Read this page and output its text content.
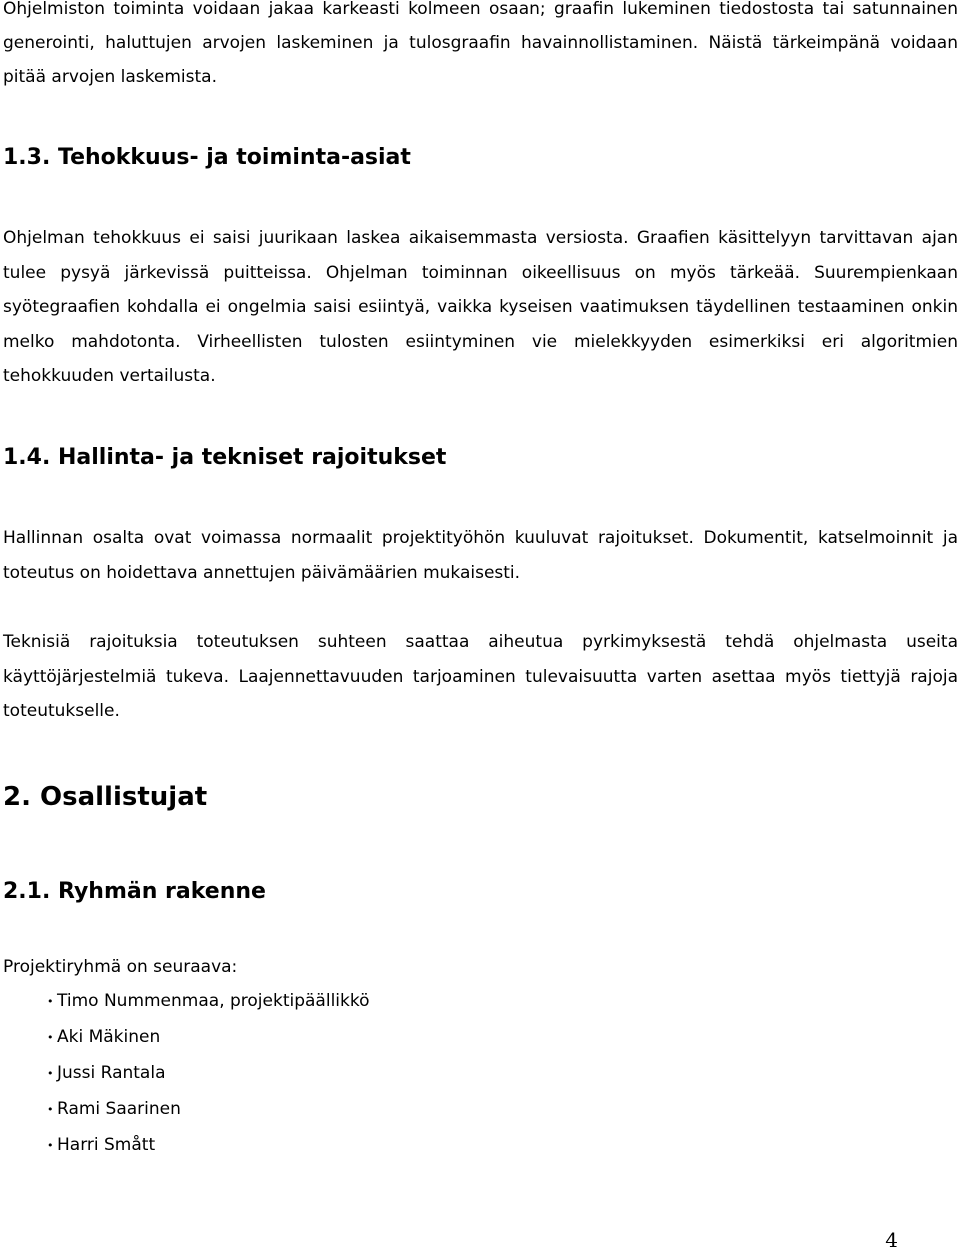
Ohjelmiston toiminta voidaan jakaa karkeasti kolmeen osaan; graafin lukeminen tiedostosta tai satunnainen generointi, haluttujen arvojen laskeminen ja tulosgraafin havainnollistaminen. Näistä tärkeimpänä voidaan pitää arvojen laskemista.

1.3. Tehokkuus- ja toiminta-asiat

Ohjelman tehokkuus ei saisi juurikaan laskea aikaisemmasta versiosta. Graafien käsittelyyn tarvittavan ajan tulee pysyä järkevissä puitteissa. Ohjelman toiminnan oikeellisuus on myös tärkeää. Suurempienkaan syötegraafien kohdalla ei ongelmia saisi esiintyä, vaikka kyseisen vaatimuksen täydellinen testaaminen onkin melko mahdotonta. Virheellisten tulosten esiintyminen vie mielekkyyden esimerkiksi eri algoritmien tehokkuuden vertailusta.

1.4. Hallinta- ja tekniset rajoitukset

Hallinnan osalta ovat voimassa normaalit projektityöhön kuuluvat rajoitukset. Dokumentit, katselmoinnit ja toteutus on hoidettava annettujen päivämäärien mukaisesti.

Teknisiä rajoituksia toteutuksen suhteen saattaa aiheutua pyrkimyksestä tehdä ohjelmasta useita käyttöjärjestelmiä tukeva. Laajennettavuuden tarjoaminen tulevaisuutta varten asettaa myös tiettyjä rajoja toteutukselle.

2. Osallistujat
2.1. Ryhmän rakenne

Projektiryhmä on seuraava:

• Timo Nummenmaa, projektipäällikkö
• Aki Mäkinen
• Jussi Rantala
• Rami Saarinen
• Harri Smått
4
